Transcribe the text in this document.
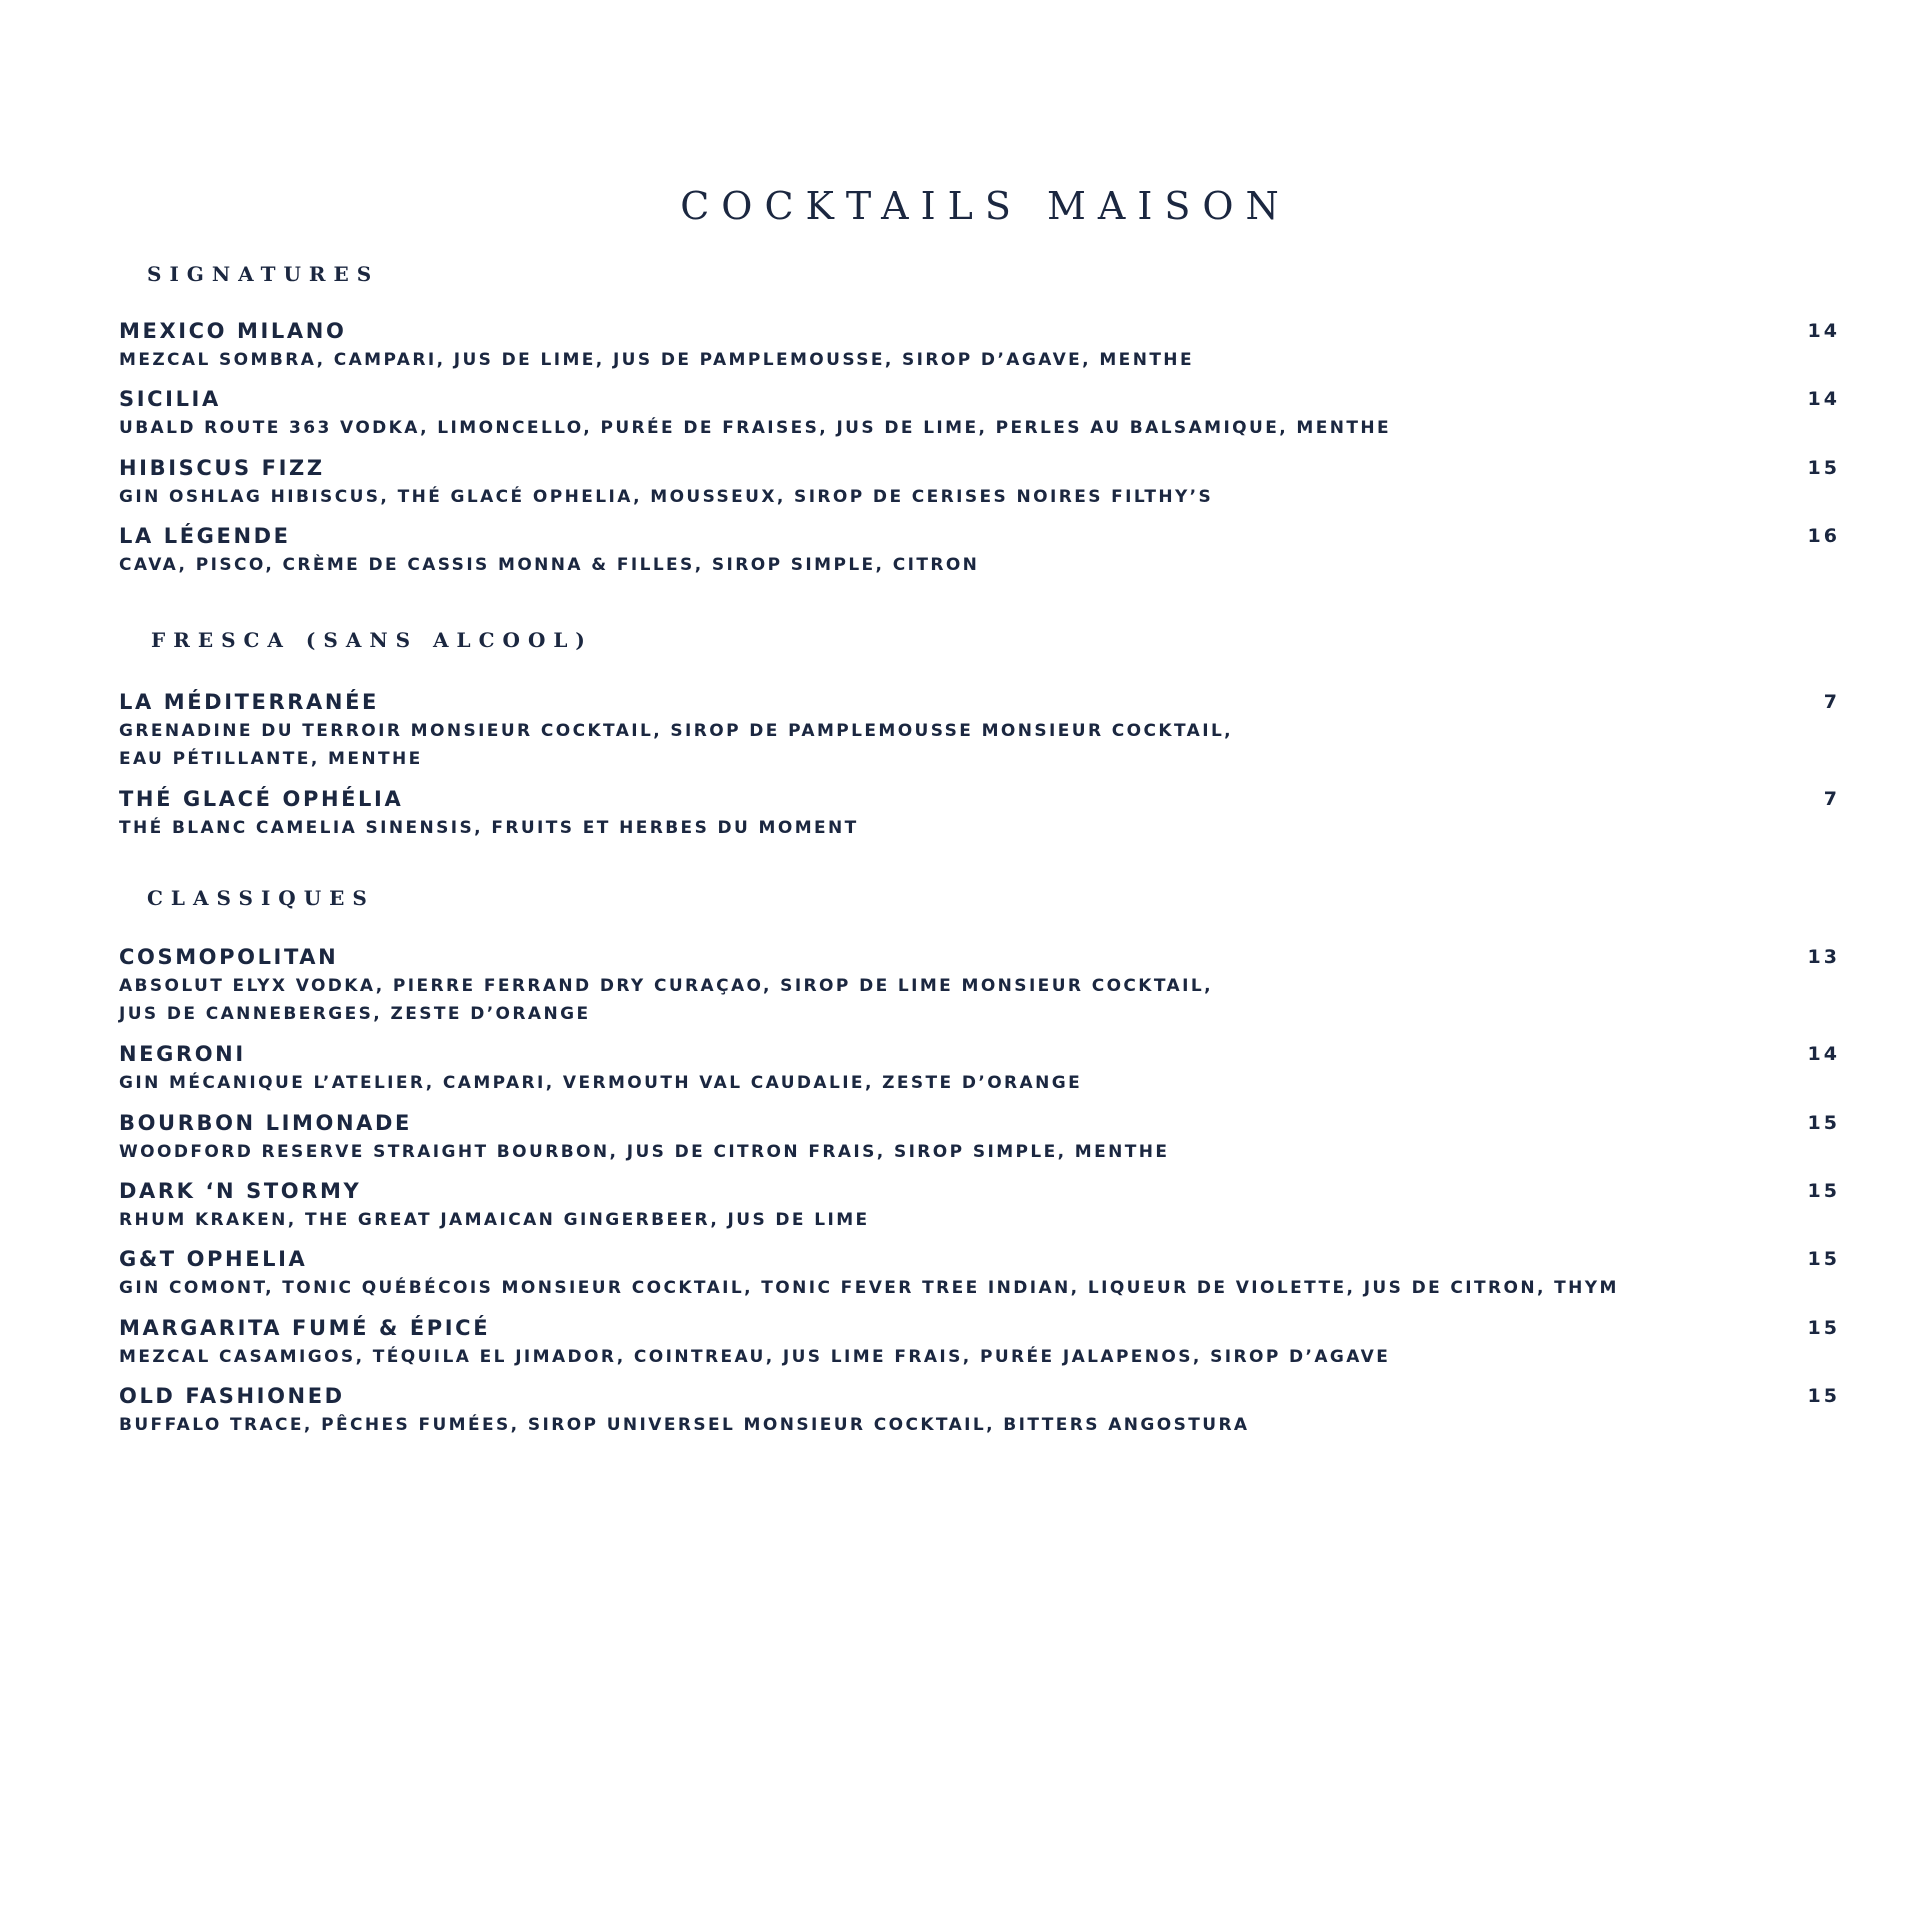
COCKTAILS MAISON
SIGNATURES
MEXICO MILANO
MEZCAL SOMBRA, CAMPARI, JUS DE LIME, JUS DE PAMPLEMOUSSE, SIROP D’AGAVE, MENTHE
14
SICILIA
UBALD ROUTE 363 VODKA, LIMONCELLO, PURÉE DE FRAISES, JUS DE LIME, PERLES AU BALSAMIQUE, MENTHE
14
HIBISCUS FIZZ
GIN OSHLAG HIBISCUS, THÉ GLACÉ OPHELIA, MOUSSEUX, SIROP DE CERISES NOIRES FILTHY’S
15
LA LÉGENDE
CAVA, PISCO, CRÈME DE CASSIS MONNA & FILLES, SIROP SIMPLE, CITRON
16
FRESCA (SANS ALCOOL)
LA MÉDITERRANÉE
GRENADINE DU TERROIR MONSIEUR COCKTAIL, SIROP DE PAMPLEMOUSSE MONSIEUR COCKTAIL,
EAU PÉTILLANTE, MENTHE
7
THÉ GLACÉ OPHÉLIA
THÉ BLANC CAMELIA SINENSIS, FRUITS ET HERBES DU MOMENT
7
CLASSIQUES
COSMOPOLITAN
ABSOLUT ELYX VODKA, PIERRE FERRAND DRY CURAÇAO, SIROP DE LIME MONSIEUR COCKTAIL,
JUS DE CANNEBERGES, ZESTE D’ORANGE
13
NEGRONI
GIN MÉCANIQUE L’ATELIER, CAMPARI, VERMOUTH VAL CAUDALIE, ZESTE D’ORANGE
14
BOURBON LIMONADE
WOODFORD RESERVE STRAIGHT BOURBON, JUS DE CITRON FRAIS, SIROP SIMPLE, MENTHE
15
DARK ‘N STORMY
RHUM KRAKEN, THE GREAT JAMAICAN GINGERBEER, JUS DE LIME
15
G&T OPHELIA
GIN COMONT, TONIC QUÉBÉCOIS MONSIEUR COCKTAIL, TONIC FEVER TREE INDIAN, LIQUEUR DE VIOLETTE, JUS DE CITRON, THYM
15
MARGARITA FUMÉ & ÉPICÉ
MEZCAL CASAMIGOS, TÉQUILA EL JIMADOR, COINTREAU, JUS LIME FRAIS, PURÉE JALAPENOS, SIROP D’AGAVE
15
OLD FASHIONED
BUFFALO TRACE, PÊCHES FUMÉES, SIROP UNIVERSEL MONSIEUR COCKTAIL, BITTERS ANGOSTURA
15
